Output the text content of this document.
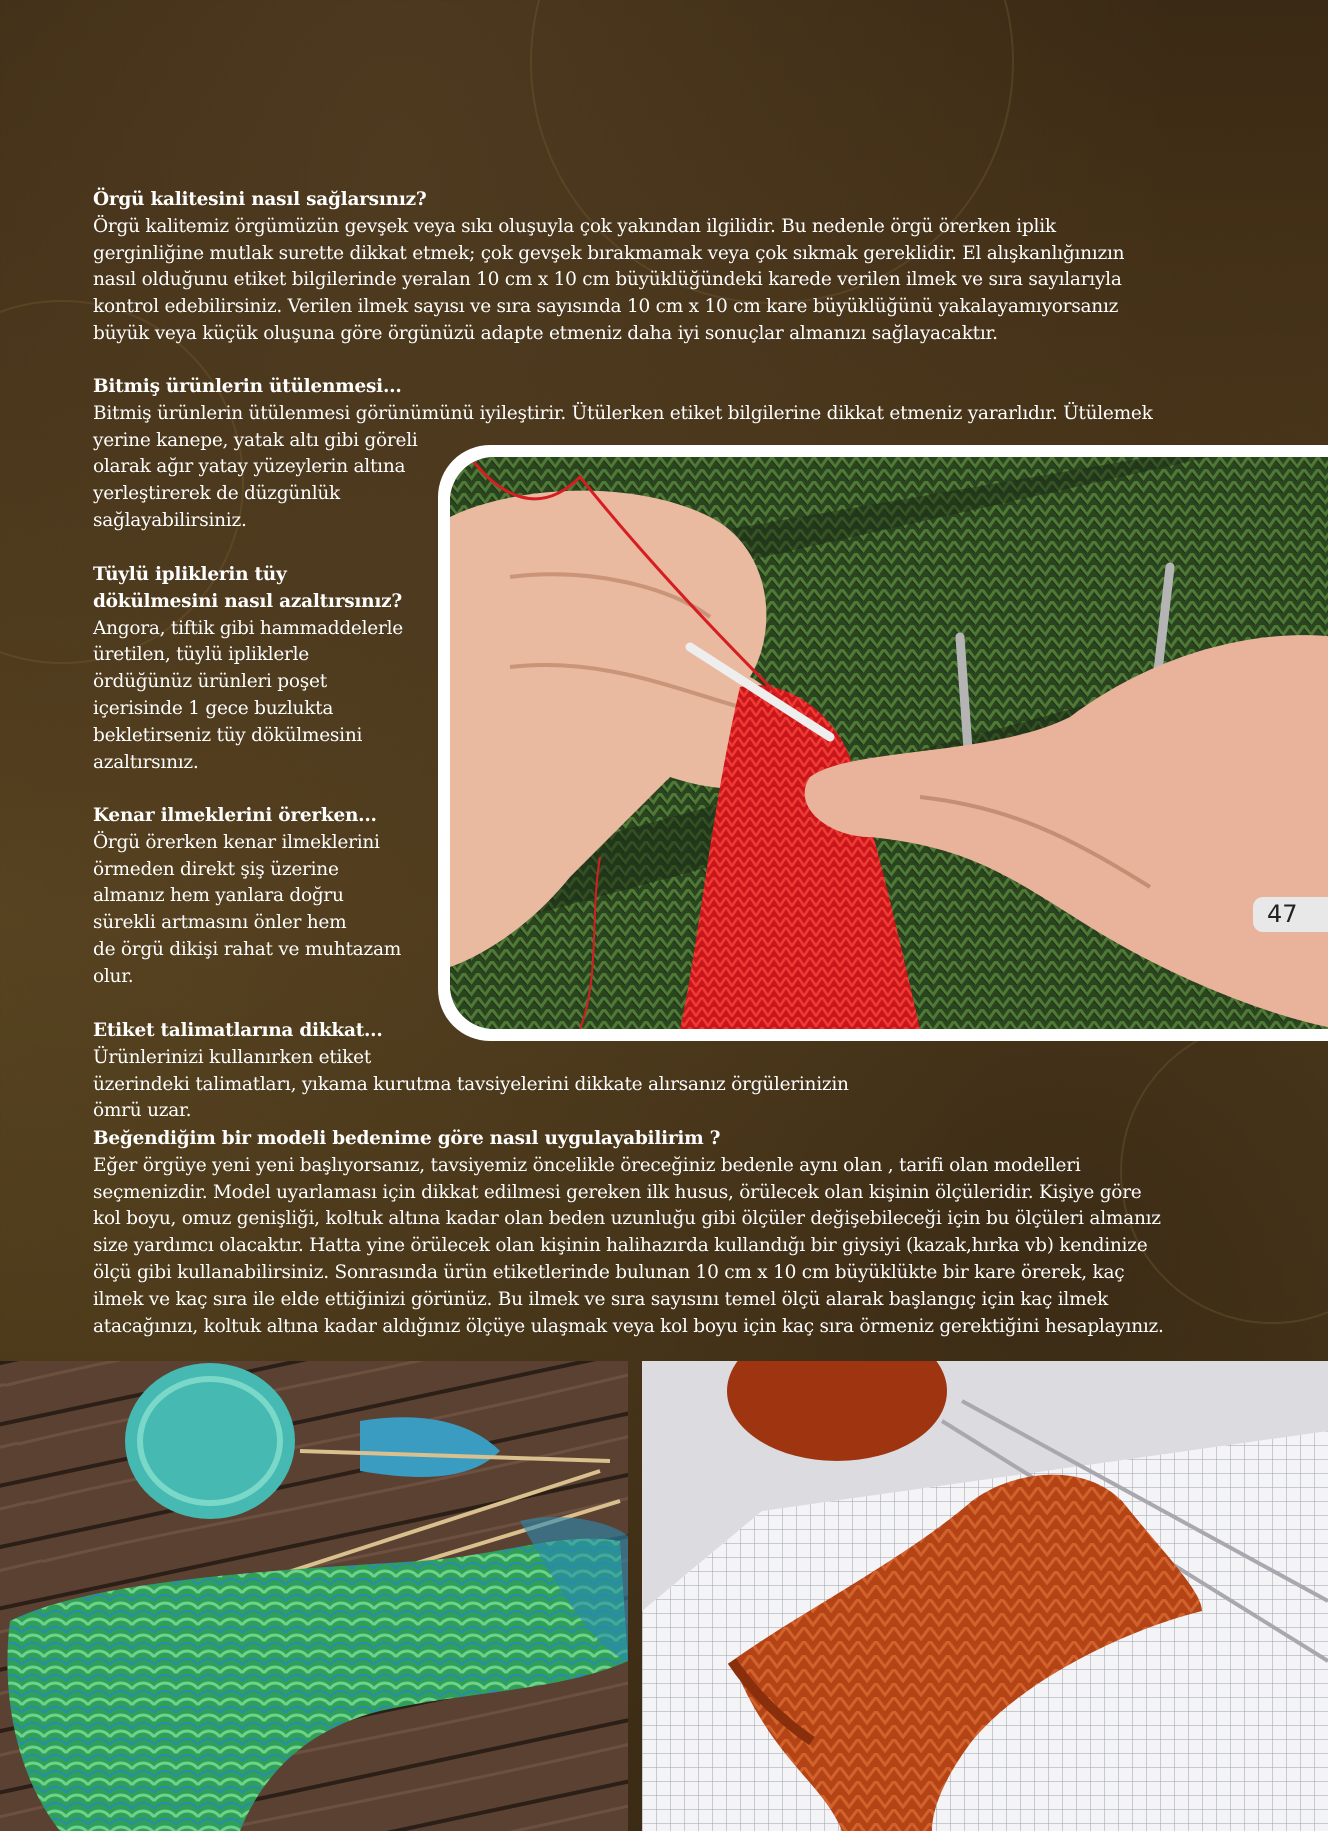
Örgü kalitesini nasıl sağlarsınız?

Örgü kalitemiz örgümüzün gevşek veya sıkı oluşuyla çok yakından ilgilidir. Bu nedenle örgü örerken iplik

gerginliğine mutlak surette dikkat etmek; çok gevşek bırakmamak veya çok sıkmak gereklidir. El alışkanlığınızın

nasıl olduğunu etiket bilgilerinde yeralan 10 cm x 10 cm büyüklüğündeki karede verilen ilmek ve sıra sayılarıyla

kontrol edebilirsiniz. Verilen ilmek sayısı ve sıra sayısında 10 cm x 10 cm kare büyüklüğünü yakalayamıyorsanız

büyük veya küçük oluşuna göre örgünüzü adapte etmeniz daha iyi sonuçlar almanızı sağlayacaktır.

Bitmiş ürünlerin ütülenmesi...

Bitmiş ürünlerin ütülenmesi görünümünü iyileştirir. Ütülerken etiket bilgilerine dikkat etmeniz yararlıdır. Ütülemek

yerine kanepe, yatak altı gibi göreli

olarak ağır yatay yüzeylerin altına

yerleştirerek de düzgünlük

sağlayabilirsiniz.

Tüylü ipliklerin tüy
dökülmesini nasıl azaltırsınız?

Angora, tiftik gibi hammaddelerle

üretilen, tüylü ipliklerle

ördüğünüz ürünleri poşet

içerisinde 1 gece buzlukta

bekletirseniz tüy dökülmesini

azaltırsınız.

Kenar ilmeklerini örerken...

Örgü örerken kenar ilmeklerini

örmeden direkt şiş üzerine

almanız hem yanlara doğru

sürekli artmasını önler hem

de örgü dikişi rahat ve muhtazam

olur.

Etiket talimatlarına dikkat...

Ürünlerinizi kullanırken etiket

üzerindeki talimatları, yıkama kurutma tavsiyelerini dikkate alırsanız örgülerinizin

ömrü uzar.

Beğendiğim bir modeli bedenime göre nasıl uygulayabilirim ?

Eğer örgüye yeni yeni başlıyorsanız, tavsiyemiz öncelikle öreceğiniz bedenle aynı olan , tarifi olan modelleri

seçmenizdir. Model uyarlaması için dikkat edilmesi gereken ilk husus, örülecek olan kişinin ölçüleridir. Kişiye göre

kol boyu, omuz genişliği, koltuk altına kadar olan beden uzunluğu gibi ölçüler değişebileceği için bu ölçüleri almanız

size yardımcı olacaktır. Hatta yine örülecek olan kişinin halihazırda kullandığı bir giysiyi (kazak,hırka vb) kendinize

ölçü gibi kullanabilirsiniz. Sonrasında ürün etiketlerinde bulunan 10 cm x 10 cm büyüklükte bir kare örerek, kaç

ilmek ve kaç sıra ile elde ettiğinizi görünüz. Bu ilmek ve sıra sayısını temel ölçü alarak başlangıç için kaç ilmek

atacağınızı, koltuk altına kadar aldığınız ölçüye ulaşmak veya kol boyu için kaç sıra örmeniz gerektiğini hesaplayınız.

47
